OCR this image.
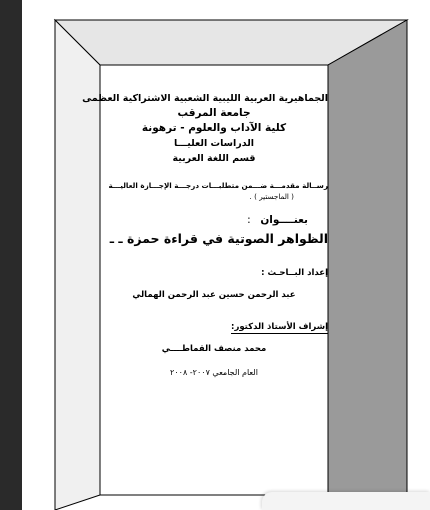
الجماهيرية العربية الليبية الشعبية الاشتراكية العظمى
جامعة المرقب
كلية الآداب والعلوم - ترهونة
الدراسات العليـــا
قسم اللغة العربية
رســالة مقدمـــة ضـــمن متطلبـــات درجـــة الإجـــازة العاليـــة
( الماجستير ) .
بعنــــوان :
الظواهر الصوتية في قراءة حمزة ـ ـ
إعداد البــاحـث :
عبد الرحمن حسين عبد الرحمن الهمالي
إشراف الأستاذ الدكتور:
محمد منصف القماطــــي
العام الجامعي ٢٠٠٧- ٢٠٠٨
